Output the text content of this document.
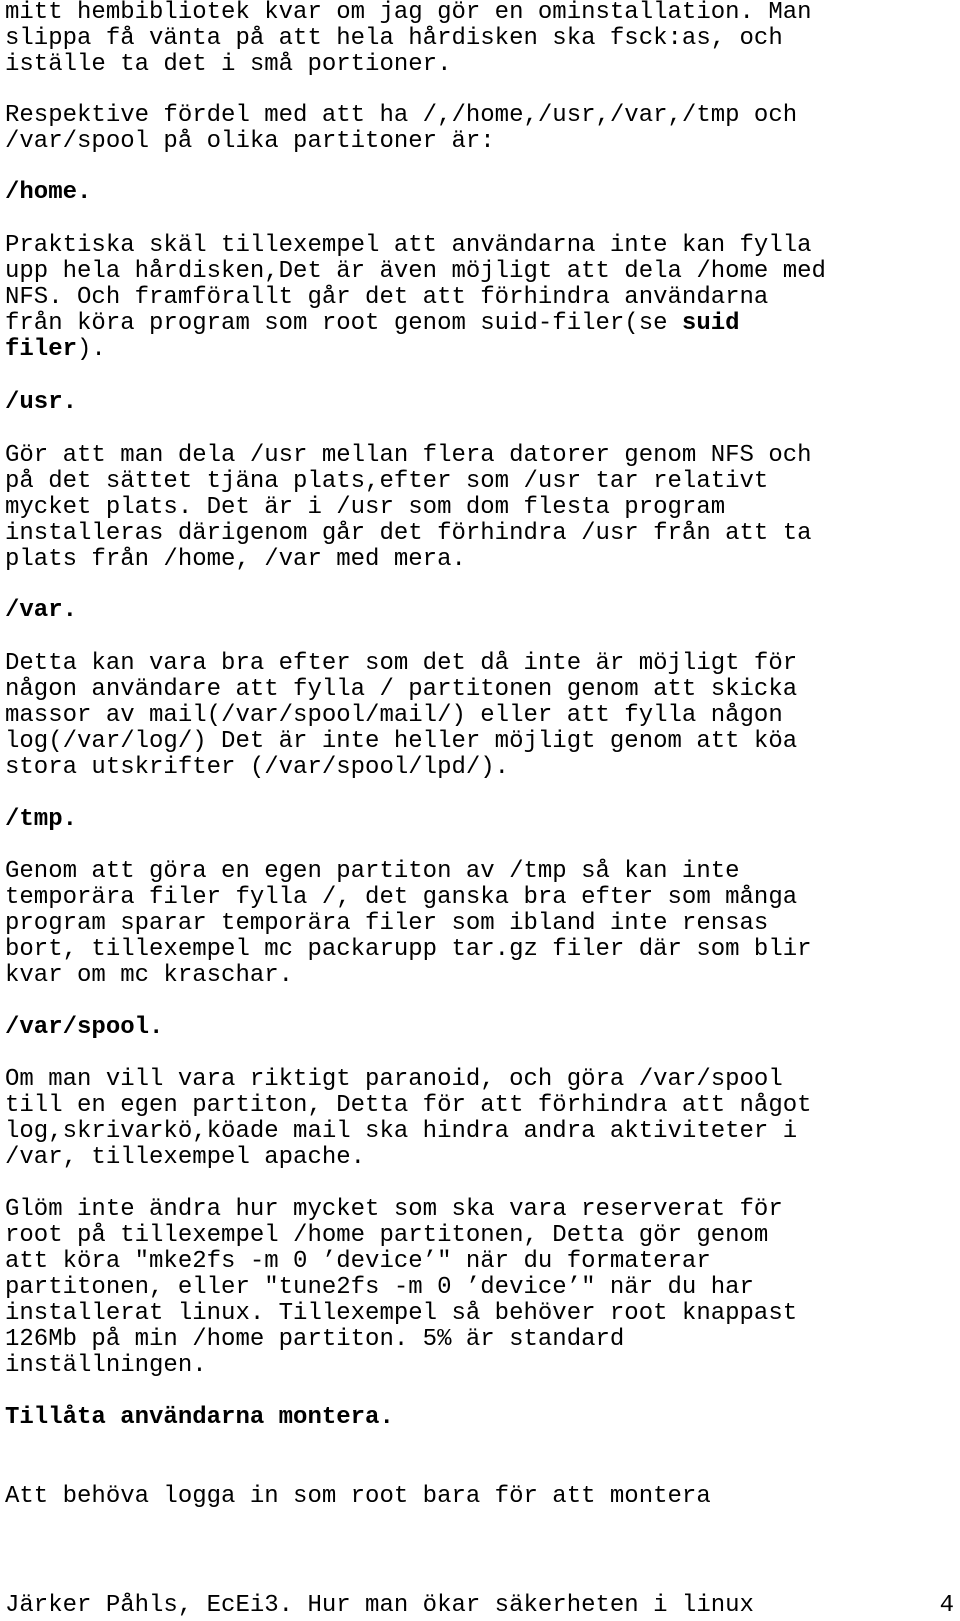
mitt hembibliotek kvar om jag gör en ominstallation. Man
slippa få vänta på att hela hårdisken ska fsck:as, och
iställe ta det i små portioner.
Respektive fördel med att ha /,/home,/usr,/var,/tmp och
/var/spool på olika partitoner är:
/home.
Praktiska skäl tillexempel att användarna inte kan fylla
upp hela hårdisken,Det är även möjligt att dela /home med
NFS. Och framförallt går det att förhindra användarna
från köra program som root genom suid-filer(se suid
filer).
/usr.
Gör att man dela /usr mellan flera datorer genom NFS och
på det sättet tjäna plats,efter som /usr tar relativt
mycket plats. Det är i /usr som dom flesta program
installeras därigenom går det förhindra /usr från att ta
plats från /home, /var med mera.
/var.
Detta kan vara bra efter som det då inte är möjligt för
någon användare att fylla / partitonen genom att skicka
massor av mail(/var/spool/mail/) eller att fylla någon
log(/var/log/) Det är inte heller möjligt genom att köa
stora utskrifter (/var/spool/lpd/).
/tmp.
Genom att göra en egen partiton av /tmp så kan inte
temporära filer fylla /, det ganska bra efter som många
program sparar temporära filer som ibland inte rensas
bort, tillexempel mc packarupp tar.gz filer där som blir
kvar om mc kraschar.
/var/spool.
Om man vill vara riktigt paranoid, och göra /var/spool
till en egen partiton, Detta för att förhindra att något
log,skrivarkö,köade mail ska hindra andra aktiviteter i
/var, tillexempel apache.
Glöm inte ändra hur mycket som ska vara reserverat för
root på tillexempel /home partitonen, Detta gör genom
att köra "mke2fs -m 0 ’device’" när du formaterar
partitonen, eller "tune2fs -m 0 ’device’" när du har
installerat linux. Tillexempel så behöver root knappast
126Mb på min /home partiton. 5% är standard
inställningen.
Tillåta användarna montera.
Att behöva logga in som root bara för att montera
Järker Påhls, EcEi3. Hur man ökar säkerheten i linux	4
